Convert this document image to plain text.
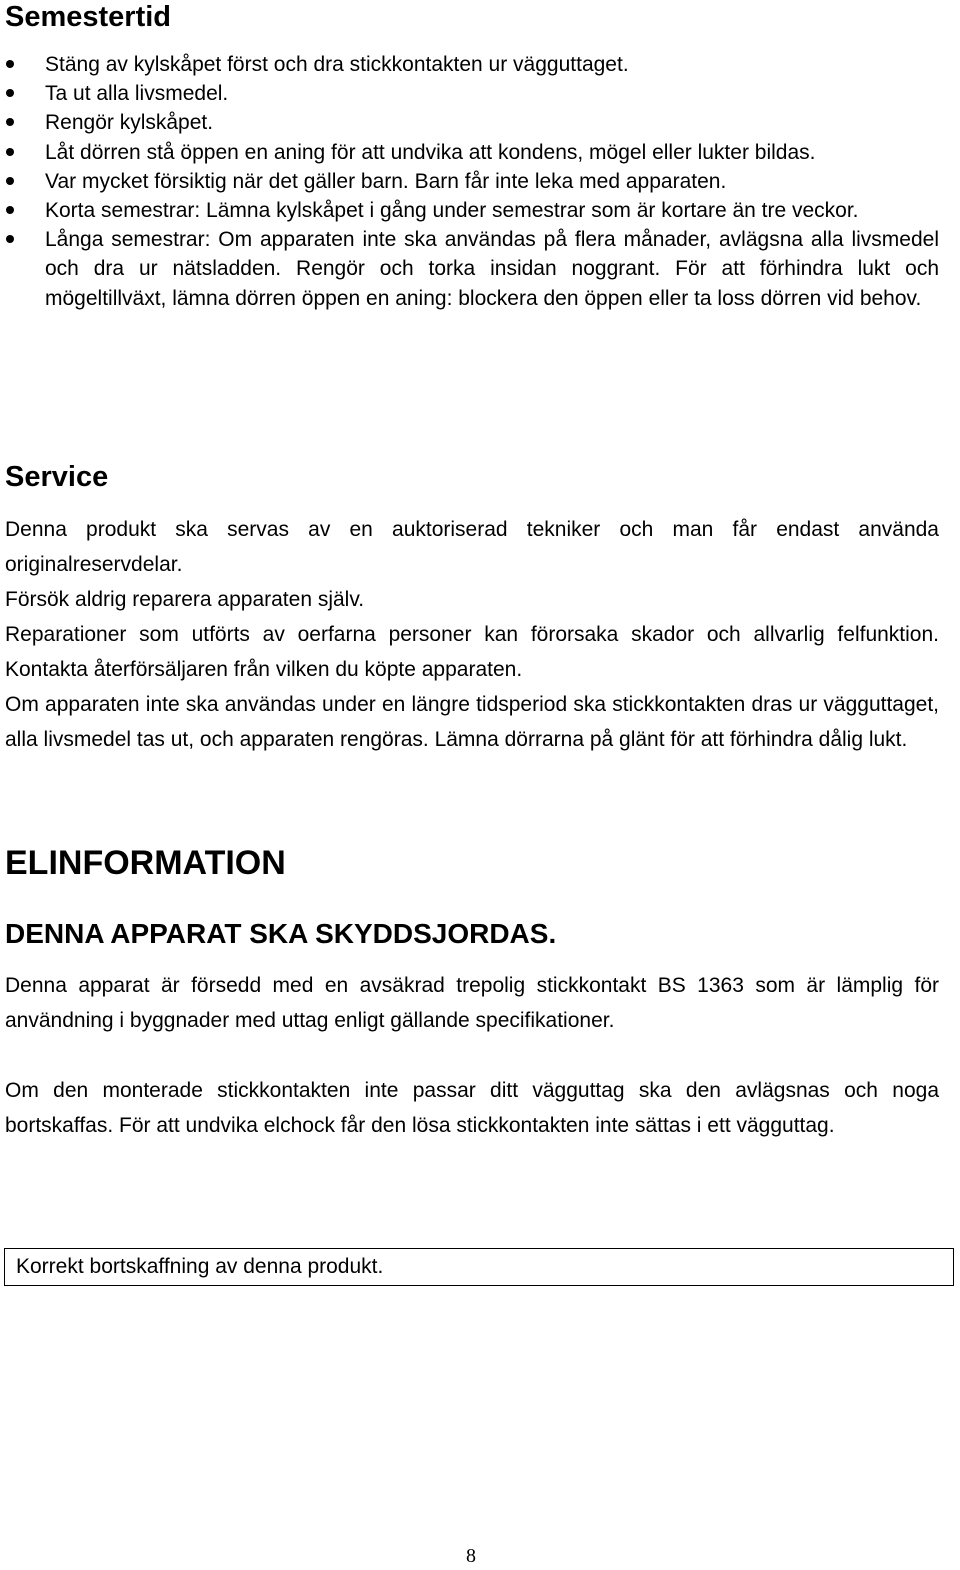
Semestertid
Stäng av kylskåpet först och dra stickkontakten ur vägguttaget.
Ta ut alla livsmedel.
Rengör kylskåpet.
Låt dörren stå öppen en aning för att undvika att kondens, mögel eller lukter bildas.
Var mycket försiktig när det gäller barn. Barn får inte leka med apparaten.
Korta semestrar: Lämna kylskåpet i gång under semestrar som är kortare än tre veckor.
Långa semestrar: Om apparaten inte ska användas på flera månader, avlägsna alla livsmedel och dra ur nätsladden. Rengör och torka insidan noggrant. För att förhindra lukt och mögeltillväxt, lämna dörren öppen en aning: blockera den öppen eller ta loss dörren vid behov.
Service

Denna produkt ska servas av en auktoriserad tekniker och man får endast använda originalreservdelar.

Försök aldrig reparera apparaten själv.

Reparationer som utförts av oerfarna personer kan förorsaka skador och allvarlig felfunktion. Kontakta återförsäljaren från vilken du köpte apparaten.

Om apparaten inte ska användas under en längre tidsperiod ska stickkontakten dras ur vägguttaget, alla livsmedel tas ut, och apparaten rengöras. Lämna dörrarna på glänt för att förhindra dålig lukt.

ELINFORMATION
DENNA APPARAT SKA SKYDDSJORDAS.

Denna apparat är försedd med en avsäkrad trepolig stickkontakt BS 1363 som är lämplig för användning i byggnader med uttag enligt gällande specifikationer.

Om den monterade stickkontakten inte passar ditt vägguttag ska den avlägsnas och noga bortskaffas. För att undvika elchock får den lösa stickkontakten inte sättas i ett vägguttag.

Korrekt bortskaffning av denna produkt.
8
